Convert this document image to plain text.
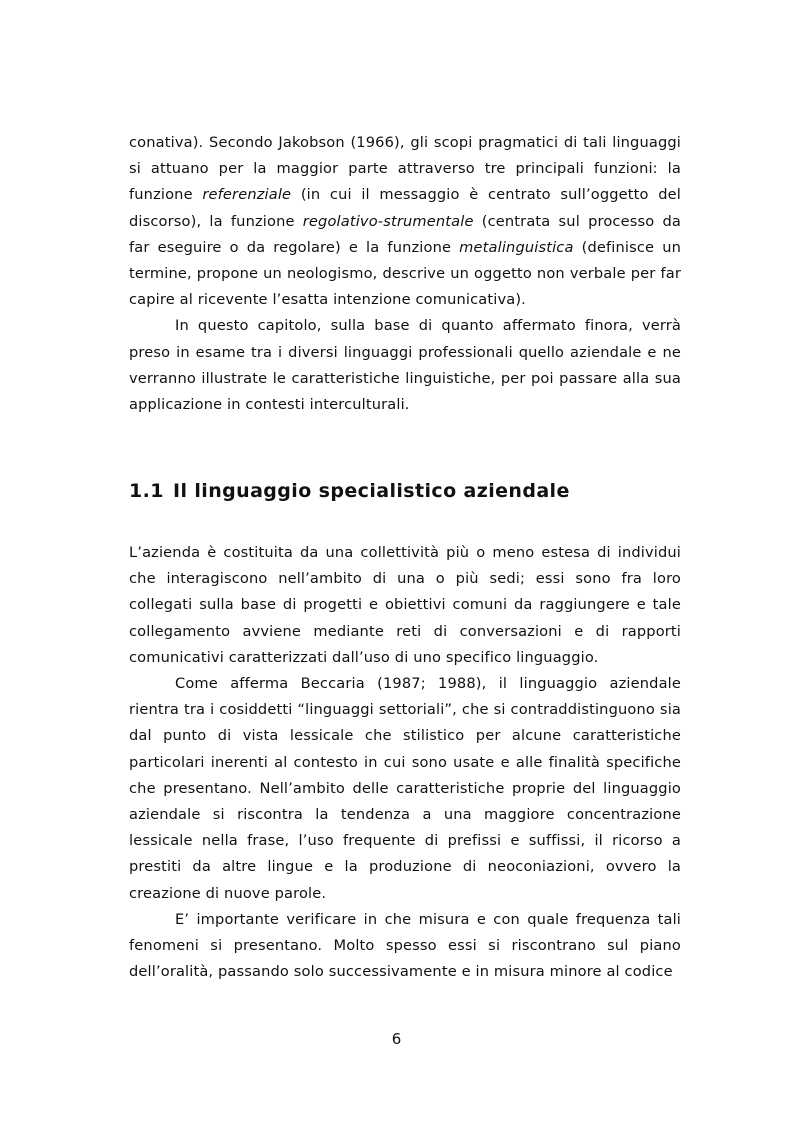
conativa). Secondo Jakobson (1966), gli scopi pragmatici di tali linguaggi si attuano per la maggior parte attraverso tre principali funzioni: la funzione referenziale (in cui il messaggio è centrato sull’oggetto del discorso), la funzione regolativo-strumentale (centrata sul processo da far eseguire o da regolare) e la funzione metalinguistica (definisce un termine, propone un neologismo, descrive un oggetto non verbale per far capire al ricevente l’esatta intenzione comunicativa).

In questo capitolo, sulla base di quanto affermato finora, verrà preso in esame tra i diversi linguaggi professionali quello aziendale e ne verranno illustrate le caratteristiche linguistiche, per poi passare alla sua applicazione in contesti interculturali.

1.1 Il linguaggio specialistico aziendale

L’azienda è costituita da una collettività più o meno estesa di individui che interagiscono nell’ambito di una o più sedi; essi sono fra loro collegati sulla base di progetti e obiettivi comuni da raggiungere e tale collegamento avviene mediante reti di conversazioni e di rapporti comunicativi caratterizzati dall’uso di uno specifico linguaggio.

Come afferma Beccaria (1987; 1988), il linguaggio aziendale rientra tra i cosiddetti “linguaggi settoriali”, che si contraddistinguono sia dal punto di vista lessicale che stilistico per alcune caratteristiche particolari inerenti al contesto in cui sono usate e alle finalità specifiche che presentano. Nell’ambito delle caratteristiche proprie del linguaggio aziendale si riscontra la tendenza a una maggiore concentrazione lessicale nella frase, l’uso frequente di prefissi e suffissi, il ricorso a prestiti da altre lingue e la produzione di neoconiazioni, ovvero la creazione di nuove parole.

E’ importante verificare in che misura e con quale frequenza tali fenomeni si presentano. Molto spesso essi si riscontrano sul piano dell’oralità, passando solo successivamente e in misura minore al codice

6
